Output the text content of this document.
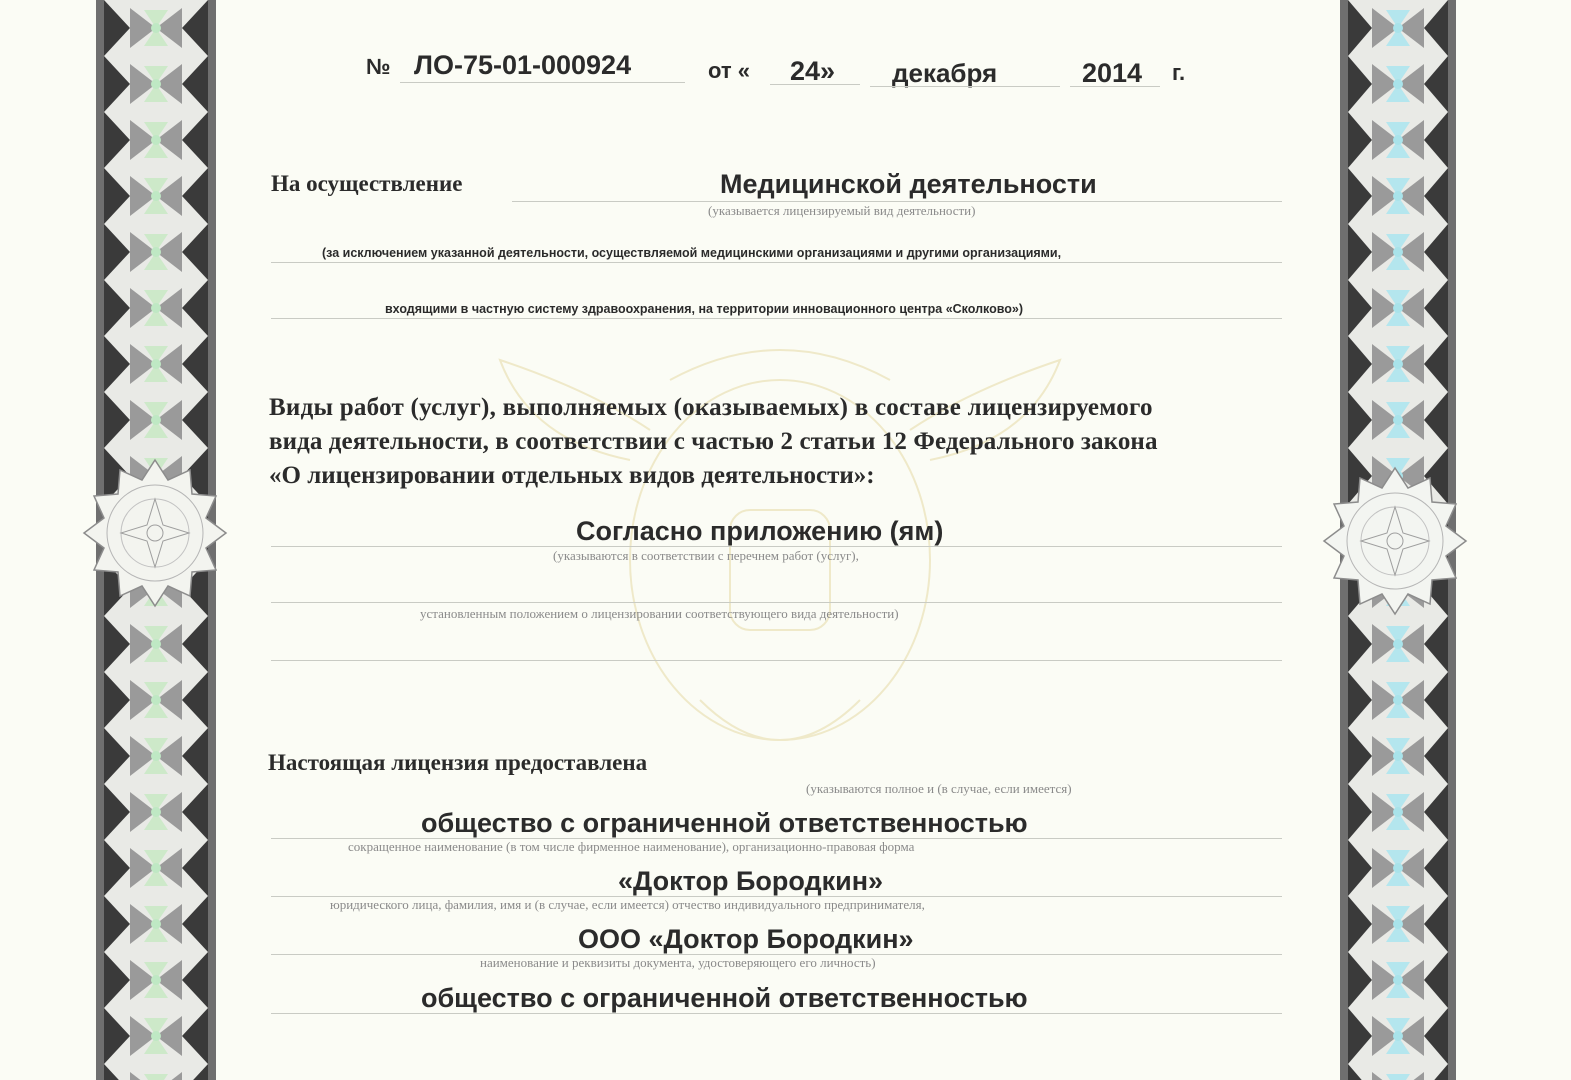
№ ЛО-75-01-000924	от « 24» декабря	2014 г.
На осуществление	Медицинской деятельности
(указывается лицензируемый вид деятельности)
(за исключением указанной деятельности, осуществляемой медицинскими организациями и другими организациями,
входящими в частную систему здравоохранения, на территории инновационного центра «Сколково»)
Виды работ (услуг), выполняемых (оказываемых) в составе лицензируемого
вида деятельности, в соответствии с частью 2 статьи 12 Федерального закона
«О лицензировании отдельных видов деятельности»:
Согласно приложению (ям)
(указываются в соответствии с перечнем работ (услуг),
установленным положением о лицензировании соответствующего вида деятельности)
Настоящая лицензия предоставлена
(указываются полное и (в случае, если имеется)
общество с ограниченной ответственностью
сокращенное наименование (в том числе фирменное наименование), организационно-правовая форма
«Доктор Бородкин»
юридического лица, фамилия, имя и (в случае, если имеется) отчество индивидуального предпринимателя,
ООО «Доктор Бородкин»
наименование и реквизиты документа, удостоверяющего его личность)
общество с ограниченной ответственностью
